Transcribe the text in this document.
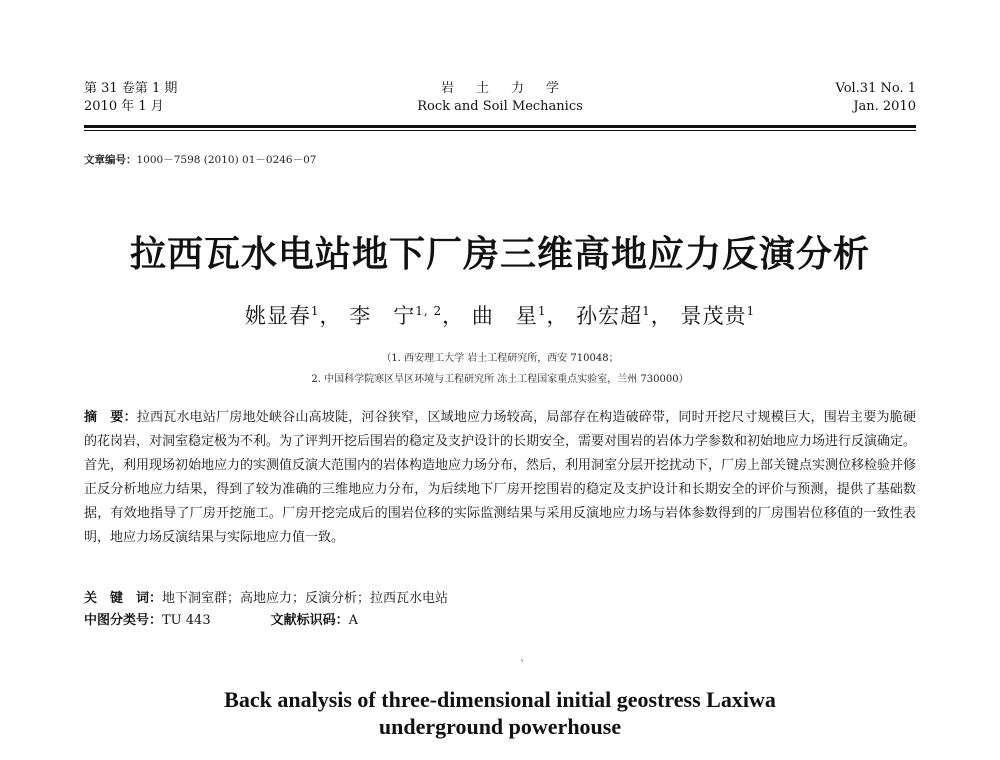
第 31 卷第 1 期
2010 年 1 月
岩土力学
Rock and Soil Mechanics
Vol.31 No. 1
Jan. 2010
文章编号：1000－7598 (2010) 01－0246－07
拉西瓦水电站地下厂房三维高地应力反演分析
姚显春$^1$， 李　宁$^{1, 2}$， 曲　星$^1$， 孙宏超$^1$， 景茂贵$^1$
（1. 西安理工大学 岩土工程研究所，西安 710048；
2. 中国科学院寒区旱区环境与工程研究所 冻土工程国家重点实验室，兰州 730000）
摘　要：拉西瓦水电站厂房地处峡谷山高坡陡，河谷狭窄，区域地应力场较高，局部存在构造破碎带，同时开挖尺寸规模巨大，围岩主要为脆硬的花岗岩，对洞室稳定极为不利。为了评判开挖后围岩的稳定及支护设计的长期安全，需要对围岩的岩体力学参数和初始地应力场进行反演确定。首先，利用现场初始地应力的实测值反演大范围内的岩体构造地应力场分布，然后，利用洞室分层开挖扰动下，厂房上部关键点实测位移检验并修正反分析地应力结果，得到了较为准确的三维地应力分布，为后续地下厂房开挖围岩的稳定及支护设计和长期安全的评价与预测，提供了基础数据，有效地指导了厂房开挖施工。厂房开挖完成后的围岩位移的实际监测结果与采用反演地应力场与岩体参数得到的厂房围岩位移值的一致性表明，地应力场反演结果与实际地应力值一致。
关　键　词：地下洞室群；高地应力；反演分析；拉西瓦水电站
中图分类号：TU 443	文献标识码：A
`
Back analysis of three-dimensional initial geostress Laxiwa
underground powerhouse
